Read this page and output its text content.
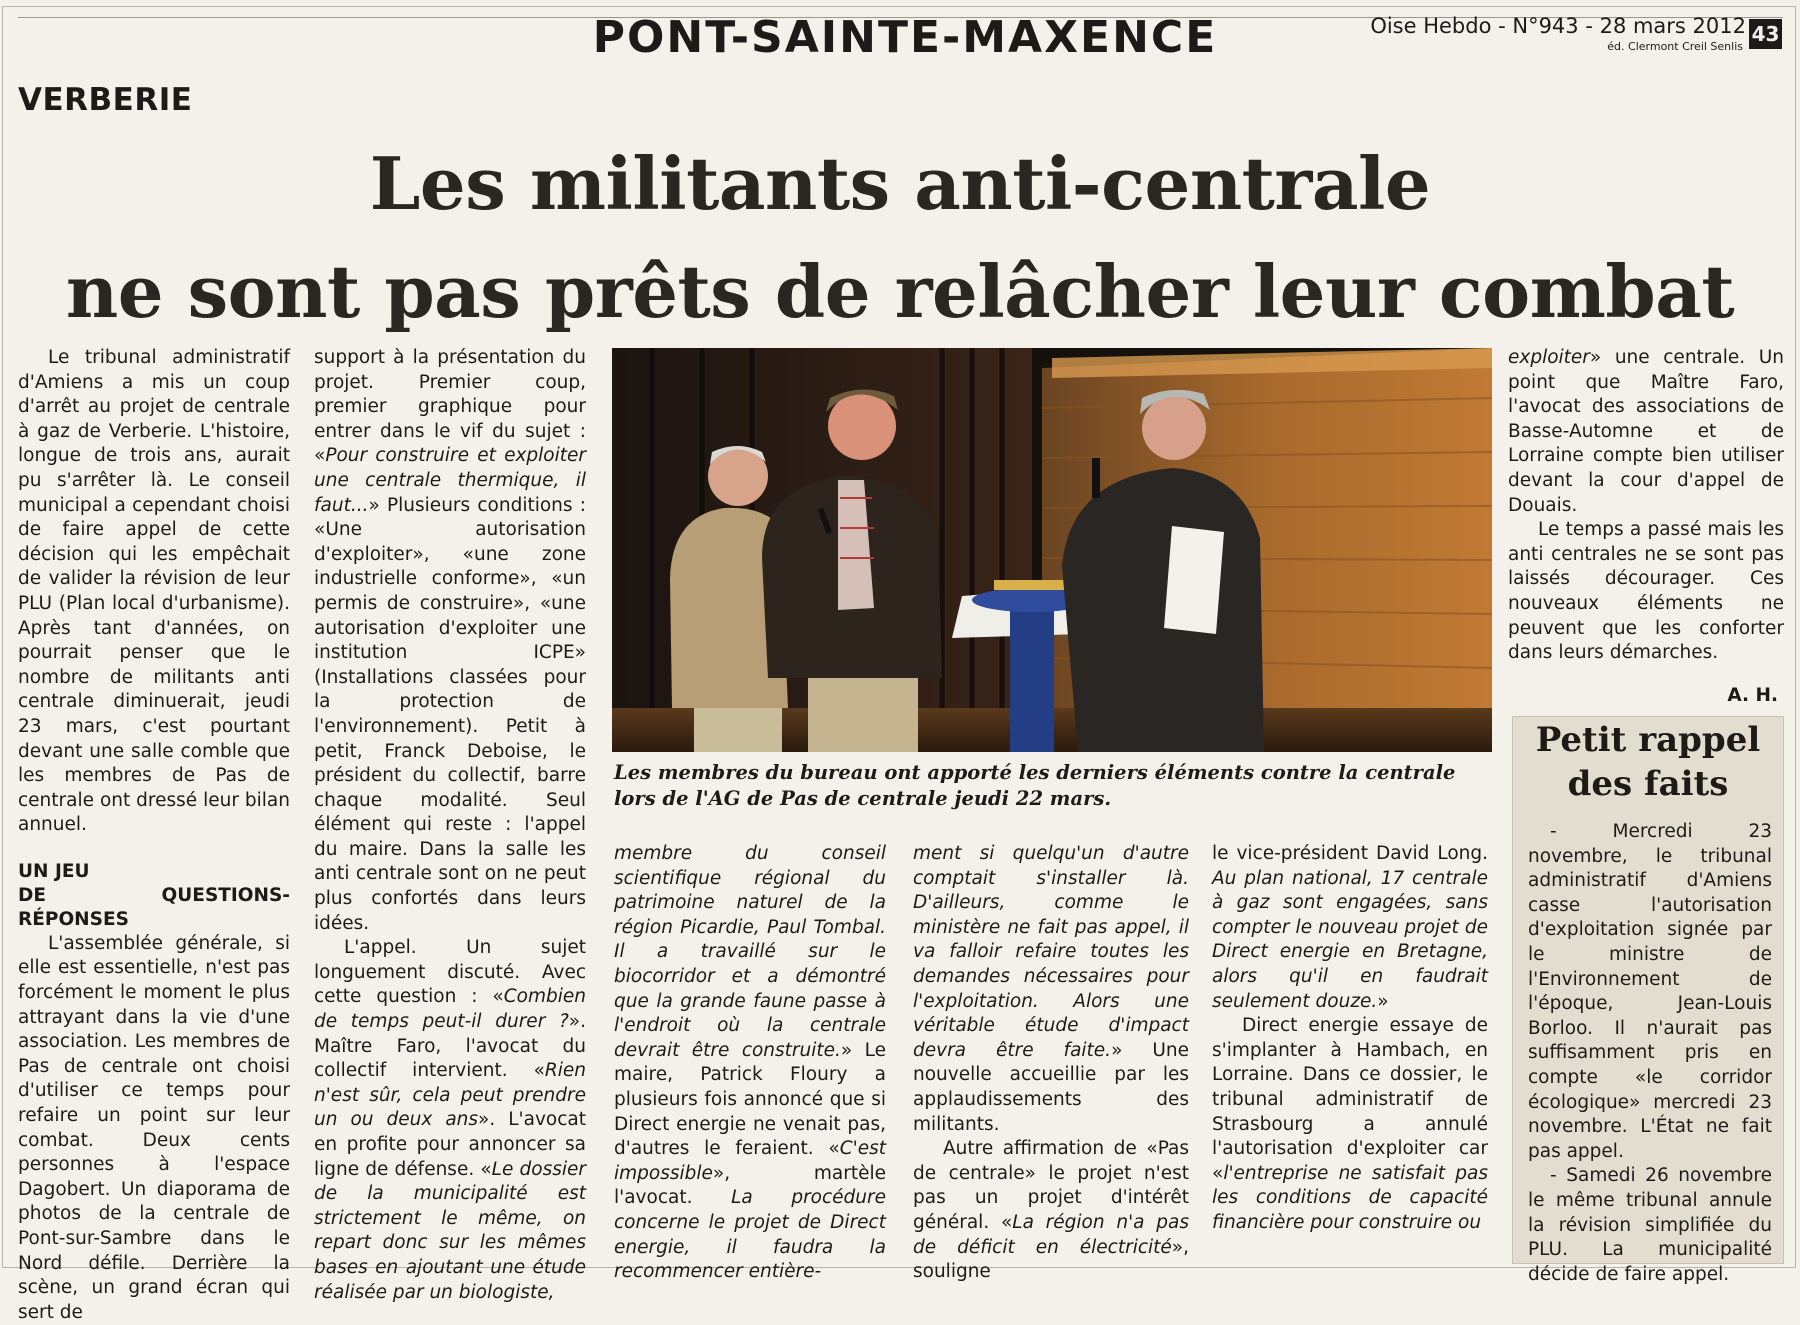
PONT-SAINTE-MAXENCE	Oise Hebdo - N°943 - 28 mars 2012
éd. Clermont Creil Senlis
43
VERBERIE
Les militants anti-centrale
ne sont pas prêts de relâcher leur combat

Le tribunal administratif d'Amiens a mis un coup d'arrêt au projet de centrale à gaz de Verberie. L'histoire, longue de trois ans, aurait pu s'arrêter là. Le conseil municipal a cependant choisi de faire appel de cette décision qui les empêchait de valider la révision de leur PLU (Plan local d'urbanisme). Après tant d'années, on pourrait penser que le nombre de militants anti centrale diminuerait, jeudi 23 mars, c'est pourtant devant une salle comble que les membres de Pas de centrale ont dressé leur bilan annuel.

UN JEU
DE QUESTIONS-RÉPONSES

L'assemblée générale, si elle est essentielle, n'est pas forcément le moment le plus attrayant dans la vie d'une association. Les membres de Pas de centrale ont choisi d'utiliser ce temps pour refaire un point sur leur combat. Deux cents personnes à l'espace Dagobert. Un diaporama de photos de la centrale de Pont-sur-Sambre dans le Nord défile. Derrière la scène, un grand écran qui sert de

support à la présentation du projet. Premier coup, premier graphique pour entrer dans le vif du sujet : «Pour construire et exploiter une centrale thermique, il faut...» Plusieurs conditions : «Une autorisation d'exploiter», «une zone industrielle conforme», «un permis de construire», «une autorisation d'exploiter une institution ICPE» (Installations classées pour la protection de l'environnement). Petit à petit, Franck Deboise, le président du collectif, barre chaque modalité. Seul élément qui reste : l'appel du maire. Dans la salle les anti centrale sont on ne peut plus confortés dans leurs idées.

L'appel. Un sujet longuement discuté. Avec cette question : «Combien de temps peut-il durer ?». Maître Faro, l'avocat du collectif intervient. «Rien n'est sûr, cela peut prendre un ou deux ans». L'avocat en profite pour annoncer sa ligne de défense. «Le dossier de la municipalité est strictement le même, on repart donc sur les mêmes bases en ajoutant une étude réalisée par un biologiste,

Les membres du bureau ont apporté les derniers éléments contre la centrale lors de l'AG de Pas de centrale jeudi 22 mars.

membre du conseil scientifique régional du patrimoine naturel de la région Picardie, Paul Tombal. Il a travaillé sur le biocorridor et a démontré que la grande faune passe à l'endroit où la centrale devrait être construite.» Le maire, Patrick Floury a plusieurs fois annoncé que si Direct energie ne venait pas, d'autres le feraient. «C'est impossible», martèle l'avocat. La procédure concerne le projet de Direct energie, il faudra la recommencer entière-

ment si quelqu'un d'autre comptait s'installer là. D'ailleurs, comme le ministère ne fait pas appel, il va falloir refaire toutes les demandes nécessaires pour l'exploitation. Alors une véritable étude d'impact devra être faite.» Une nouvelle accueillie par les applaudissements des militants.

Autre affirmation de «Pas de centrale» le projet n'est pas un projet d'intérêt général. «La région n'a pas de déficit en électricité», souligne

le vice-président David Long. Au plan national, 17 centrale à gaz sont engagées, sans compter le nouveau projet de Direct energie en Bretagne, alors qu'il en faudrait seulement douze.»

Direct energie essaye de s'implanter à Hambach, en Lorraine. Dans ce dossier, le tribunal administratif de Strasbourg a annulé l'autorisation d'exploiter car «l'entreprise ne satisfait pas les conditions de capacité financière pour construire ou

exploiter» une centrale. Un point que Maître Faro, l'avocat des associations de Basse-Automne et de Lorraine compte bien utiliser devant la cour d'appel de Douais.

Le temps a passé mais les anti centrales ne se sont pas laissés décourager. Ces nouveaux éléments ne peuvent que les conforter dans leurs démarches.

A. H.

Petit rappel
des faits

- Mercredi 23 novembre, le tribunal administratif d'Amiens casse l'autorisation d'exploitation signée par le ministre de l'Environnement de l'époque, Jean-Louis Borloo. Il n'aurait pas suffisamment pris en compte «le corridor écologique» mercredi 23 novembre. L'État ne fait pas appel.

- Samedi 26 novembre le même tribunal annule la révision simplifiée du PLU. La municipalité décide de faire appel.
